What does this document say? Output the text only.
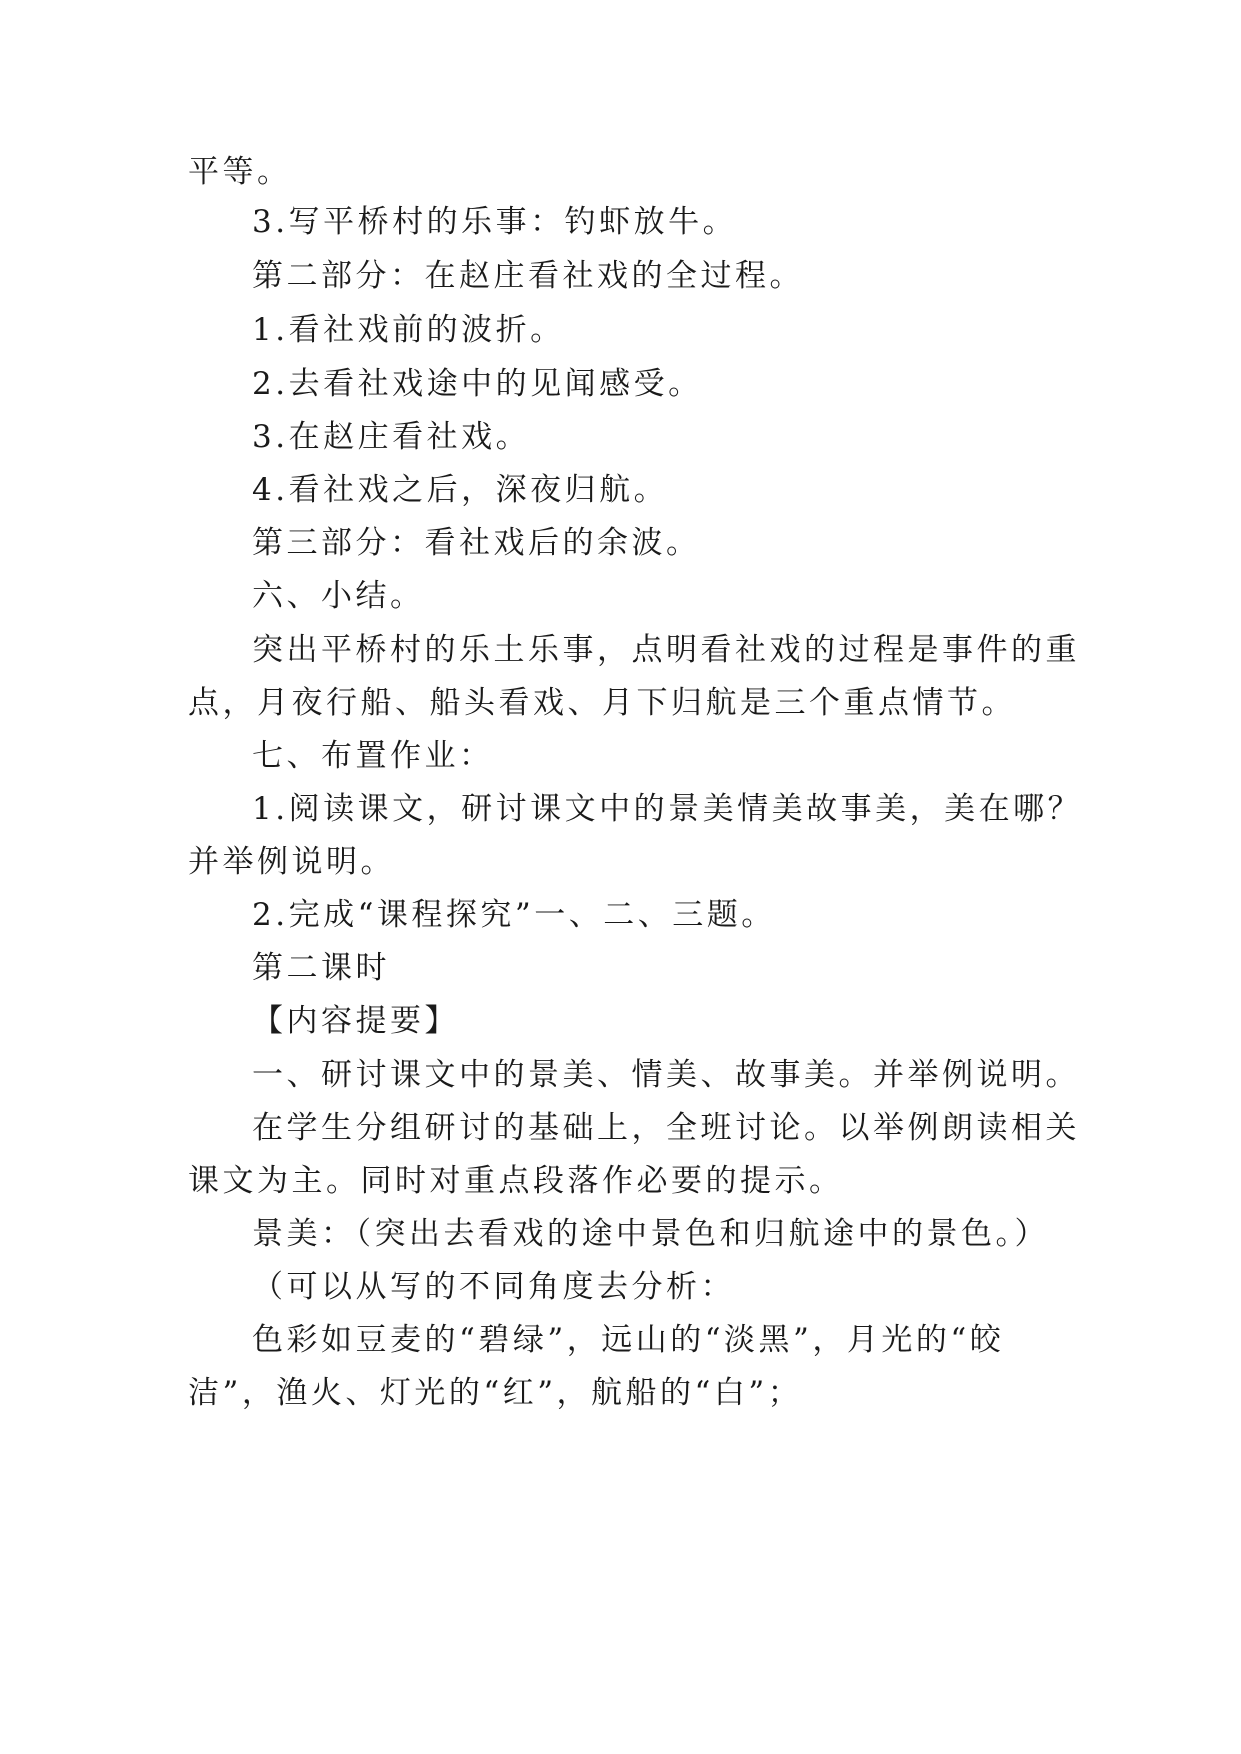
平等。
3.写平桥村的乐事：钓虾放牛。
第二部分：在赵庄看社戏的全过程。
1.看社戏前的波折。
2.去看社戏途中的见闻感受。
3.在赵庄看社戏。
4.看社戏之后，深夜归航。
第三部分：看社戏后的余波。
六、小结。
突出平桥村的乐土乐事，点明看社戏的过程是事件的重
点，月夜行船、船头看戏、月下归航是三个重点情节。
七、布置作业：
1.阅读课文，研讨课文中的景美情美故事美，美在哪？
并举例说明。
2.完成“课程探究”一、二、三题。
第二课时
【内容提要】
一、研讨课文中的景美、情美、故事美。并举例说明。
在学生分组研讨的基础上，全班讨论。以举例朗读相关
课文为主。同时对重点段落作必要的提示。
景美：（突出去看戏的途中景色和归航途中的景色。）
（可以从写的不同角度去分析：
色彩如豆麦的“碧绿”，远山的“淡黑”，月光的“皎
洁”，渔火、灯光的“红”，航船的“白”；
